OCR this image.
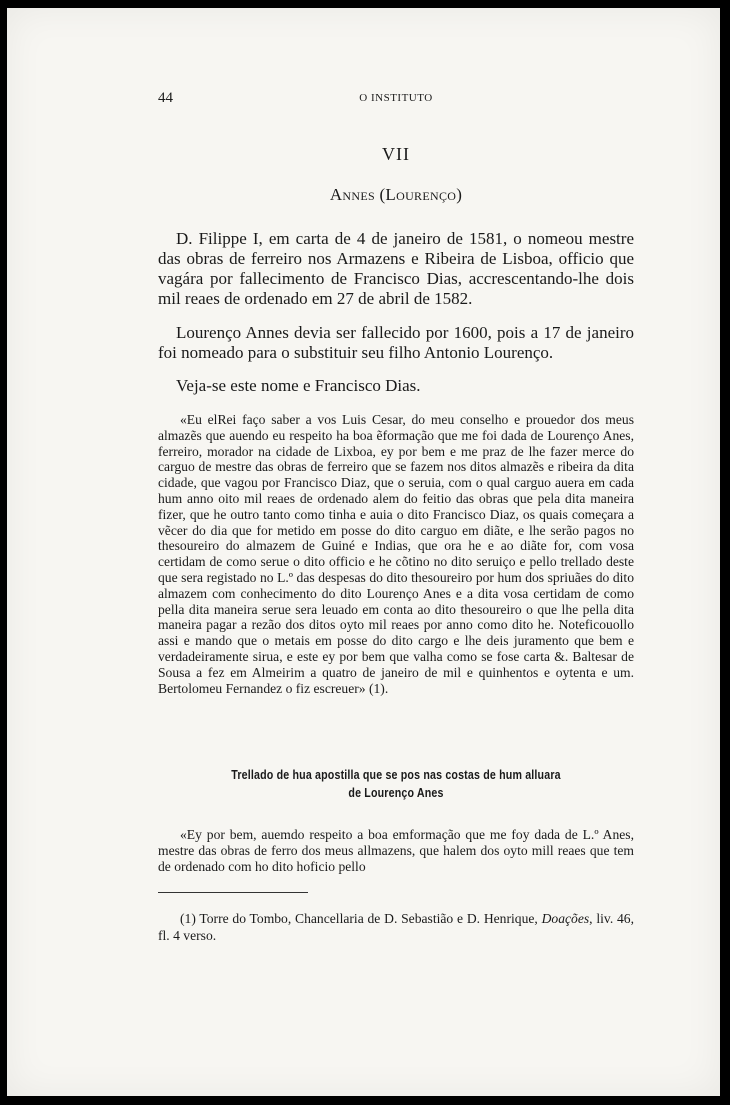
44	O INSTITUTO
VII
Annes (Lourenço)

D. Filippe I, em carta de 4 de janeiro de 1581, o nomeou mestre das obras de ferreiro nos Armazens e Ribeira de Lisboa, officio que vagára por fallecimento de Francisco Dias, accrescentando-lhe dois mil reaes de ordenado em 27 de abril de 1582.

Lourenço Annes devia ser fallecido por 1600, pois a 17 de janeiro foi nomeado para o substituir seu filho Antonio Lourenço.

Veja-se este nome e Francisco Dias.

«Eu elRei faço saber a vos Luis Cesar, do meu conselho e prouedor dos meus almazẽs que auendo eu respeito ha boa ẽformação que me foi dada de Lourenço Anes, ferreiro, morador na cidade de Lixboa, ey por bem e me praz de lhe fazer merce do carguo de mestre das obras de ferreiro que se fazem nos ditos almazẽs e ribeira da dita cidade, que vagou por Francisco Diaz, que o seruia, com o qual carguo auera em cada hum anno oito mil reaes de ordenado alem do feitio das obras que pela dita maneira fizer, que he outro tanto como tinha e auia o dito Francisco Diaz, os quais começara a vẽcer do dia que for metido em posse do dito carguo em diãte, e lhe serão pagos no thesoureiro do almazem de Guiné e Indias, que ora he e ao diãte for, com vosa certidam de como serue o dito officio e he cõtino no dito seruiço e pello trellado deste que sera registado no L.º das despesas do dito thesoureiro por hum dos spriuães do dito almazem com conhecimento do dito Lourenço Anes e a dita vosa certidam de como pella dita maneira serue sera leuado em conta ao dito thesoureiro o que lhe pella dita maneira pagar a rezão dos ditos oyto mil reaes por anno como dito he. Noteficouollo assi e mando que o metais em posse do dito cargo e lhe deis juramento que bem e verdadeiramente sirua, e este ey por bem que valha como se fose carta &. Baltesar de Sousa a fez em Almeirim a quatro de janeiro de mil e quinhentos e oytenta e um. Bertolomeu Fernandez o fiz escreuer» (1).

Trellado de hua apostilla que se pos nas costas de hum alluara
de Lourenço Anes

«Ey por bem, auemdo respeito a boa emformação que me foy dada de L.º Anes, mestre das obras de ferro dos meus allmazens, que halem dos oyto mill reaes que tem de ordenado com ho dito hoficio pello

(1) Torre do Tombo, Chancellaria de D. Sebastião e D. Henrique, Doações, liv. 46, fl. 4 verso.
